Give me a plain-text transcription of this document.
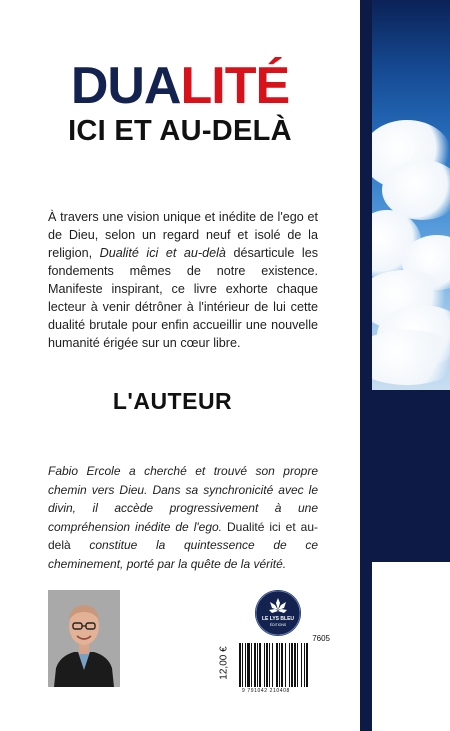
DUALITÉ
ICI ET AU-DELÀ
À travers une vision unique et inédite de l'ego et de Dieu, selon un regard neuf et isolé de la religion, Dualité ici et au-delà désarticule les fondements mêmes de notre existence. Manifeste inspirant, ce livre exhorte chaque lecteur à venir détrôner à l'intérieur de lui cette dualité brutale pour enfin accueillir une nouvelle humanité érigée sur un cœur libre.
L'AUTEUR
Fabio Ercole a cherché et trouvé son propre chemin vers Dieu. Dans sa synchronicité avec le divin, il accède progressivement à une compréhension inédite de l'ego. Dualité ici et au-delà constitue la quintessence de ce cheminement, porté par la quête de la vérité.
LE LYS BLEU
ÉDITIONS
7605
12,00 €
9 791042 210408
